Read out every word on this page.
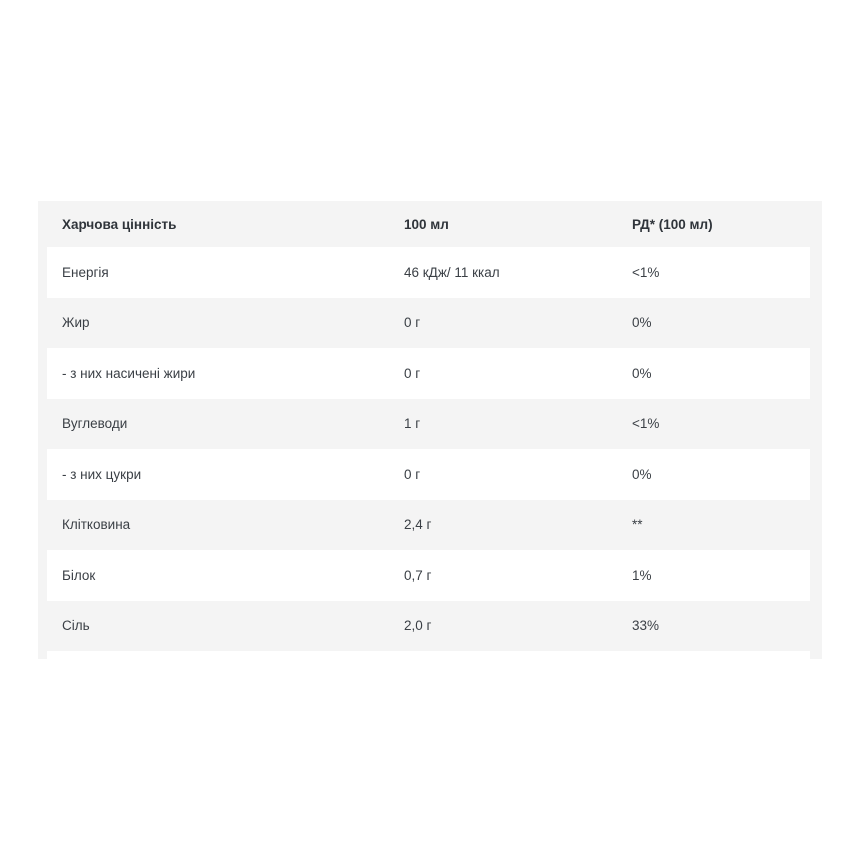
Харчова цінність	100 мл	РД* (100 мл)
Енергія	46 кДж/ 11 ккал	<1%
Жир	0 г	0%
- з них насичені жири	0 г	0%
Вуглеводи	1 г	<1%
- з них цукри	0 г	0%
Клітковина	2,4 г	**
Білок	0,7 г	1%
Сіль	2,0 г	33%
